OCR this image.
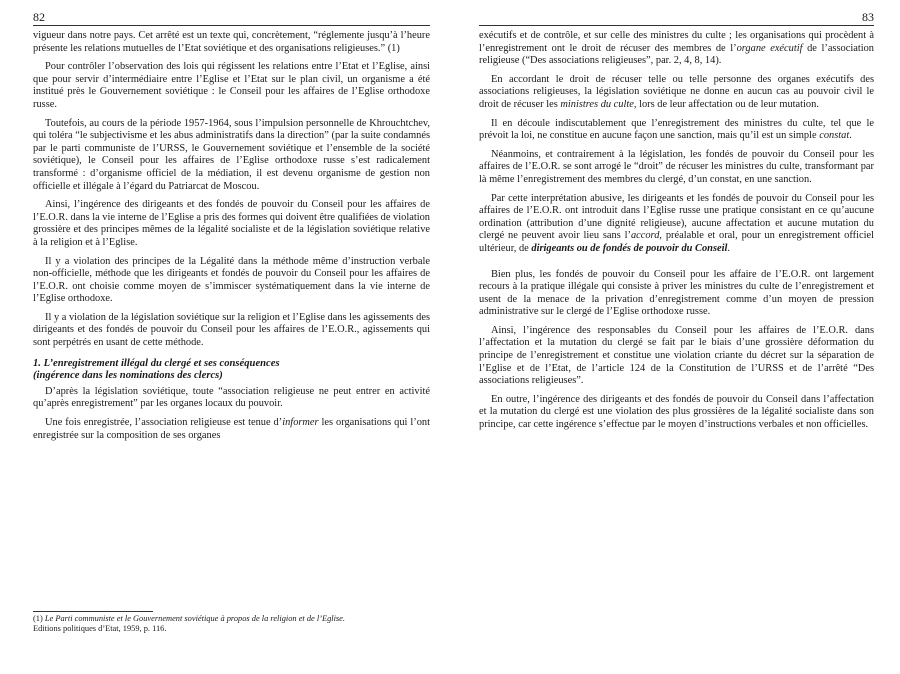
82

vigueur dans notre pays. Cet arrêté est un texte qui, concrètement, “réglemente jusqu’à l’heure présente les relations mutuelles de l’Etat soviétique et des organisations religieuses.” (1)

Pour contrôler l’observation des lois qui régissent les relations entre l’Etat et l’Eglise, ainsi que pour servir d’intermédiaire entre l’Eglise et l’Etat sur le plan civil, un organisme a été institué près le Gouvernement soviétique : le Conseil pour les affaires de l’Eglise orthodoxe russe.

Toutefois, au cours de la période 1957-1964, sous l’impulsion personnelle de Khrouchtchev, qui toléra “le subjectivisme et les abus administratifs dans la direction” (par la suite condamnés par le parti communiste de l’URSS, le Gouvernement soviétique et l’ensemble de la société soviétique), le Conseil pour les affaires de l’Eglise orthodoxe russe s’est radicalement transformé : d’organisme officiel de la médiation, il est devenu organisme de gestion non officielle et illégale à l’égard du Patriarcat de Moscou.

Ainsi, l’ingérence des dirigeants et des fondés de pouvoir du Conseil pour les affaires de l’E.O.R. dans la vie interne de l’Eglise a pris des formes qui doivent être qualifiées de violation grossière et des principes mêmes de la légalité socialiste et de la législation soviétique relative à la religion et à l’Eglise.

Il y a violation des principes de la Légalité dans la méthode même d’instruction verbale non-officielle, méthode que les dirigeants et fondés de pouvoir du Conseil pour les affaires de l’E.O.R. ont choisie comme moyen de s’immiscer systématiquement dans la vie interne de l’Eglise orthodoxe.

Il y a violation de la législation soviétique sur la religion et l’Eglise dans les agissements des dirigeants et des fondés de pouvoir du Conseil pour les affaires de l’E.O.R., agissements qui sont perpétrés en usant de cette méthode.

1. L’enregistrement illégal du clergé et ses conséquences
(ingérence dans les nominations des clercs)

D’après la législation soviétique, toute “association religieuse ne peut entrer en activité qu’après enregistrement” par les organes locaux du pouvoir.

Une fois enregistrée, l’association religieuse est tenue d’informer les organisations qui l’ont enregistrée sur la composition de ses organes

(1) Le Parti communiste et le Gouvernement soviétique à propos de la religion et de l’Eglise.
Editions politiques d’Etat, 1959, p. 116.
83

exécutifs et de contrôle, et sur celle des ministres du culte ; les organisations qui procèdent à l’enregistrement ont le droit de récuser des membres de l’organe exécutif de l’association religieuse (“Des associations religieuses”, par. 2, 4, 8, 14).

En accordant le droit de récuser telle ou telle personne des organes exécutifs des associations religieuses, la législation soviétique ne donne en aucun cas au pouvoir civil le droit de récuser les ministres du culte, lors de leur affectation ou de leur mutation.

Il en découle indiscutablement que l’enregistrement des ministres du culte, tel que le prévoit la loi, ne constitue en aucune façon une sanction, mais qu’il est un simple constat.

Néanmoins, et contrairement à la législation, les fondés de pouvoir du Conseil pour les affaires de l’E.O.R. se sont arrogé le “droit” de récuser les ministres du culte, transformant par là même l’enregistrement des membres du clergé, d’un constat, en une sanction.

Par cette interprétation abusive, les dirigeants et les fondés de pouvoir du Conseil pour les affaires de l’E.O.R. ont introduit dans l’Eglise russe une pratique consistant en ce qu’aucune ordination (attribution d’une dignité religieuse), aucune affectation et aucune mutation du clergé ne peuvent avoir lieu sans l’accord, préalable et oral, pour un enregistrement officiel ultérieur, de dirigeants ou de fondés de pouvoir du Conseil.

Bien plus, les fondés de pouvoir du Conseil pour les affaire de l’E.O.R. ont largement recours à la pratique illégale qui consiste à priver les ministres du culte de l’enregistrement et usent de la menace de la privation d’enregistrement comme d’un moyen de pression administrative sur le clergé de l’Eglise orthodoxe russe.

Ainsi, l’ingérence des responsables du Conseil pour les affaires de l’E.O.R. dans l’affectation et la mutation du clergé se fait par le biais d’une grossière déformation du principe de l’enregistrement et constitue une violation criante du décret sur la séparation de l’Eglise et de l’Etat, de l’article 124 de la Constitution de l’URSS et de l’arrêté “Des associations religieuses”.

En outre, l’ingérence des dirigeants et des fondés de pouvoir du Conseil dans l’affectation et la mutation du clergé est une violation des plus grossières de la légalité socialiste dans son principe, car cette ingérence s’effectue par le moyen d’instructions verbales et non officielles.
